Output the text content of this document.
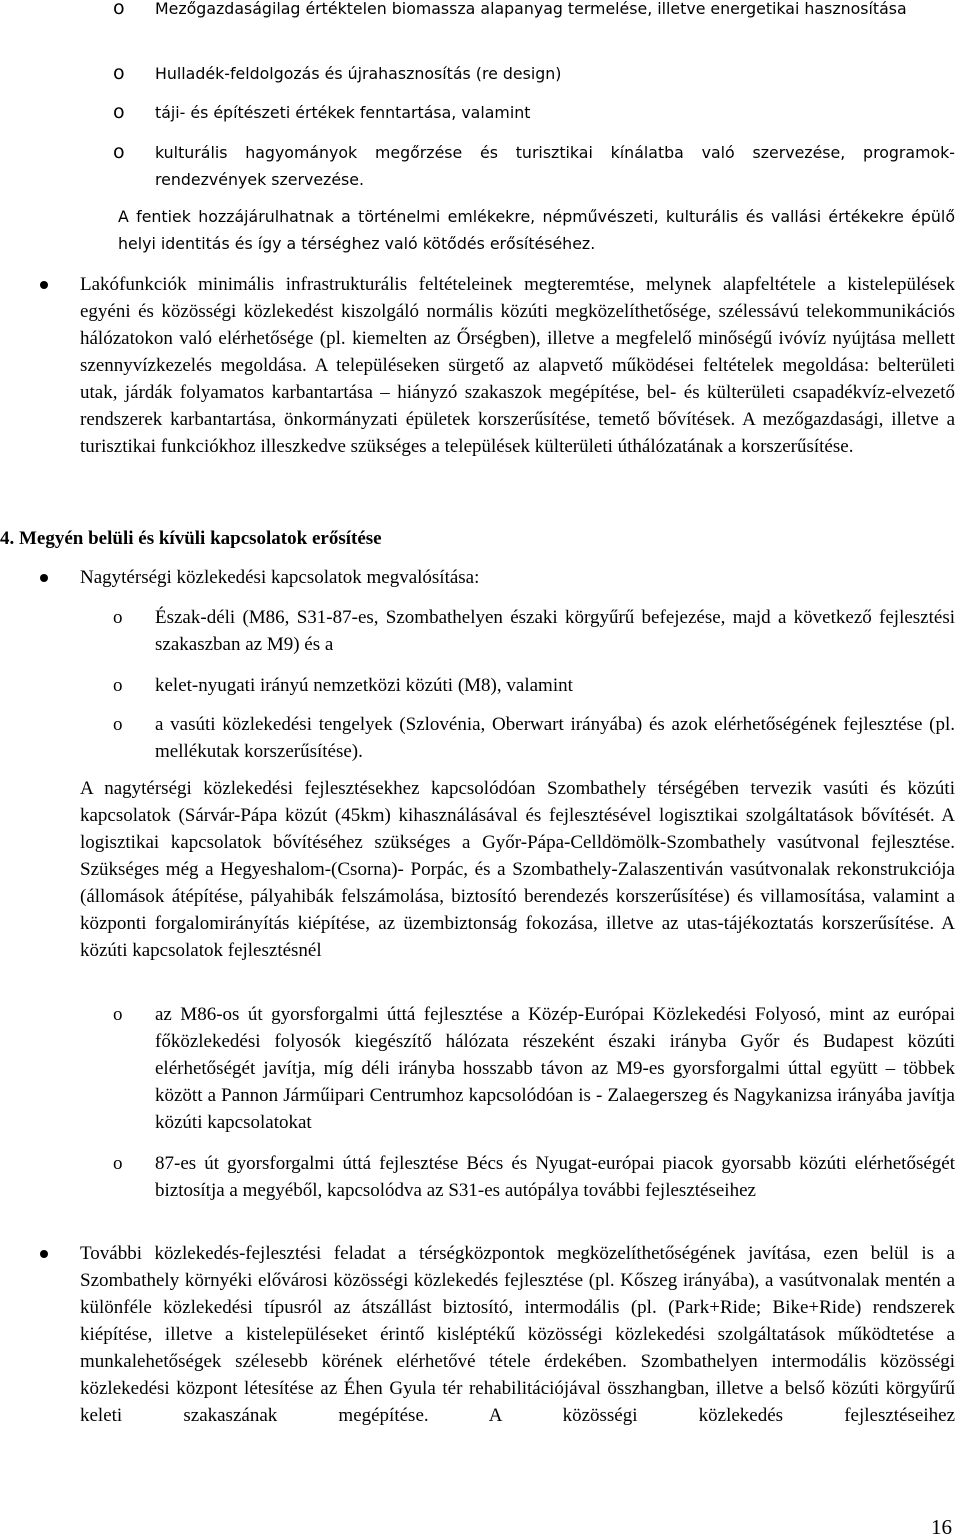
o Mezőgazdaságilag értéktelen biomassza alapanyag termelése, illetve energetikai hasznosítása
o Hulladék-feldolgozás és újrahasznosítás (re design)
o táji- és építészeti értékek fenntartása, valamint
o kulturális hagyományok megőrzése és turisztikai kínálatba való szervezése, programok-rendezvények szervezése.
A fentiek hozzájárulhatnak a történelmi emlékekre, népművészeti, kulturális és vallási értékekre épülő helyi identitás és így a térséghez való kötődés erősítéséhez.
Lakófunkciók minimális infrastrukturális feltételeinek megteremtése, melynek alapfeltétele a kistelepülések egyéni és közösségi közlekedést kiszolgáló normális közúti megközelíthetősége, szélessávú telekommunikációs hálózatokon való elérhetősége (pl. kiemelten az Őrségben), illetve a megfelelő minőségű ivóvíz nyújtása mellett szennyvízkezelés megoldása. A településeken sürgető az alapvető működései feltételek megoldása: belterületi utak, járdák folyamatos karbantartása – hiányzó szakaszok megépítése, bel- és külterületi csapadékvíz-elvezető rendszerek karbantartása, önkormányzati épületek korszerűsítése, temető bővítések. A mezőgazdasági, illetve a turisztikai funkciókhoz illeszkedve szükséges a települések külterületi úthálózatának a korszerűsítése.
4. Megyén belüli és kívüli kapcsolatok erősítése
Nagytérségi közlekedési kapcsolatok megvalósítása:
o Észak-déli (M86, S31-87-es, Szombathelyen északi körgyűrű befejezése, majd a következő fejlesztési szakaszban az M9) és a
o kelet-nyugati irányú nemzetközi közúti (M8), valamint
o a vasúti közlekedési tengelyek (Szlovénia, Oberwart irányába) és azok elérhetőségének fejlesztése (pl. mellékutak korszerűsítése).
A nagytérségi közlekedési fejlesztésekhez kapcsolódóan Szombathely térségében tervezik vasúti és közúti kapcsolatok (Sárvár-Pápa közút (45km) kihasználásával és fejlesztésével logisztikai szolgáltatások bővítését. A logisztikai kapcsolatok bővítéséhez szükséges a Győr-Pápa-Celldömölk-Szombathely vasútvonal fejlesztése. Szükséges még a Hegyeshalom-(Csorna)- Porpác, és a Szombathely-Zalaszentiván vasútvonalak rekonstrukciója (állomások átépítése, pályahibák felszámolása, biztosító berendezés korszerűsítése) és villamosítása, valamint a központi forgalomirányítás kiépítése, az üzembiztonság fokozása, illetve az utas-tájékoztatás korszerűsítése. A közúti kapcsolatok fejlesztésnél
o az M86-os út gyorsforgalmi úttá fejlesztése a Közép-Európai Közlekedési Folyosó, mint az európai főközlekedési folyosók kiegészítő hálózata részeként északi irányba Győr és Budapest közúti elérhetőségét javítja, míg déli irányba hosszabb távon az M9-es gyorsforgalmi úttal együtt – többek között a Pannon Járműipari Centrumhoz kapcsolódóan is - Zalaegerszeg és Nagykanizsa irányába javítja közúti kapcsolatokat
o 87-es út gyorsforgalmi úttá fejlesztése Bécs és Nyugat-európai piacok gyorsabb közúti elérhetőségét biztosítja a megyéből, kapcsolódva az S31-es autópálya további fejlesztéseihez
További közlekedés-fejlesztési feladat a térségközpontok megközelíthetőségének javítása, ezen belül is a Szombathely környéki elővárosi közösségi közlekedés fejlesztése (pl. Kőszeg irányába), a vasútvonalak mentén a különféle közlekedési típusról az átszállást biztosító, intermodális (pl. (Park+Ride; Bike+Ride) rendszerek kiépítése, illetve a kistelepüléseket érintő kisléptékű közösségi közlekedési szolgáltatások működtetése a munkalehetőségek szélesebb körének elérhetővé tétele érdekében. Szombathelyen intermodális közösségi közlekedési központ létesítése az Éhen Gyula tér rehabilitációjával összhangban, illetve a belső közúti körgyűrű keleti szakaszának megépítése. A közösségi közlekedés fejlesztéseihez
16
